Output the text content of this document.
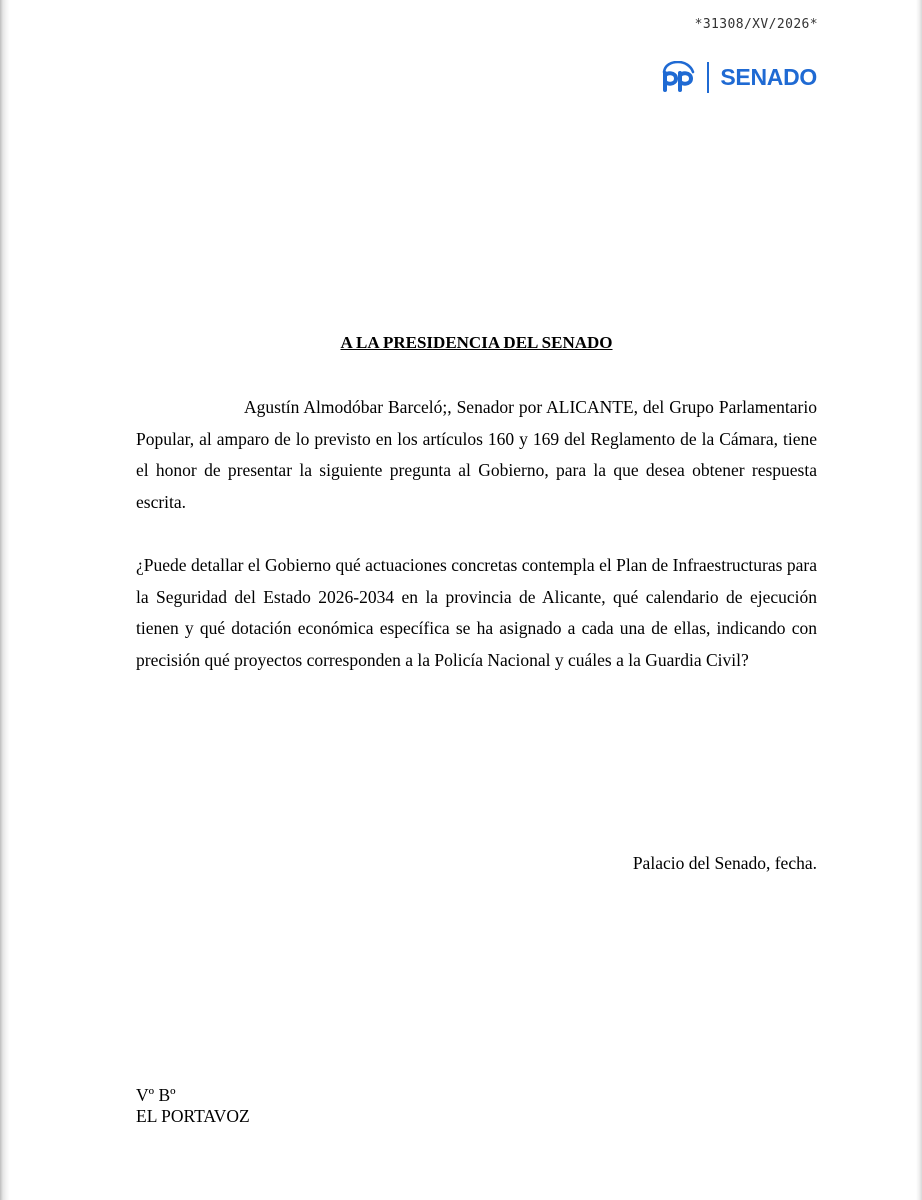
*31308/XV/2026*
SENADO
A LA PRESIDENCIA DEL SENADO

Agustín Almodóbar Barceló;, Senador por ALICANTE, del Grupo Parlamentario Popular, al amparo de lo previsto en los artículos 160 y 169 del Reglamento de la Cámara, tiene el honor de presentar la siguiente pregunta al Gobierno, para la que desea obtener respuesta escrita.

¿Puede detallar el Gobierno qué actuaciones concretas contempla el Plan de Infraestructuras para la Seguridad del Estado 2026-2034 en la provincia de Alicante, qué calendario de ejecución tienen y qué dotación económica específica se ha asignado a cada una de ellas, indicando con precisión qué proyectos corresponden a la Policía Nacional y cuáles a la Guardia Civil?

Palacio del Senado, fecha.
Vº Bº
EL PORTAVOZ
